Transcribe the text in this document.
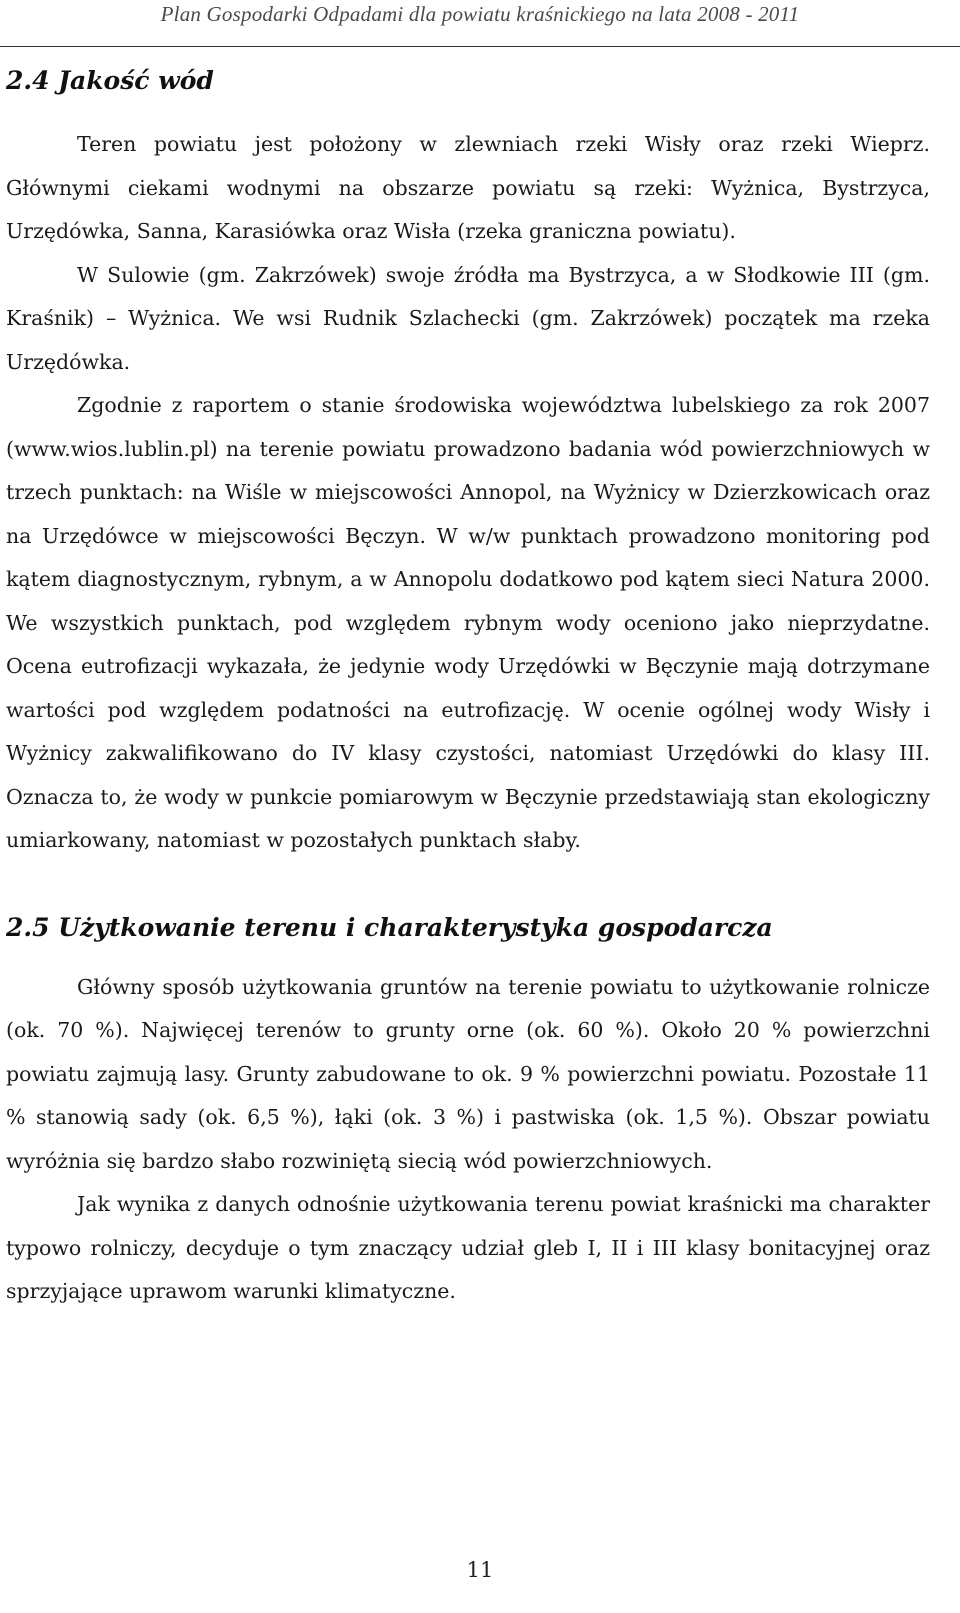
Plan Gospodarki Odpadami dla powiatu kraśnickiego na lata 2008 - 2011
2.4 Jakość wód

Teren powiatu jest położony w zlewniach rzeki Wisły oraz rzeki Wieprz. Głównymi ciekami wodnymi na obszarze powiatu są rzeki: Wyżnica, Bystrzyca, Urzędówka, Sanna, Karasiówka oraz Wisła (rzeka graniczna powiatu).

W Sulowie (gm. Zakrzówek) swoje źródła ma Bystrzyca, a w Słodkowie III (gm. Kraśnik) – Wyżnica. We wsi Rudnik Szlachecki (gm. Zakrzówek) początek ma rzeka Urzędówka.

Zgodnie z raportem o stanie środowiska województwa lubelskiego za rok 2007 (www.wios.lublin.pl) na terenie powiatu prowadzono badania wód powierzchniowych w trzech punktach: na Wiśle w miejscowości Annopol, na Wyżnicy w Dzierzkowicach oraz na Urzędówce w miejscowości Bęczyn. W w/w punktach prowadzono monitoring pod kątem diagnostycznym, rybnym, a w Annopolu dodatkowo pod kątem sieci Natura 2000. We wszystkich punktach, pod względem rybnym wody oceniono jako nieprzydatne. Ocena eutrofizacji wykazała, że jedynie wody Urzędówki w Bęczynie mają dotrzymane wartości pod względem podatności na eutrofizację. W ocenie ogólnej wody Wisły i Wyżnicy zakwalifikowano do IV klasy czystości, natomiast Urzędówki do klasy III. Oznacza to, że wody w punkcie pomiarowym w Bęczynie przedstawiają stan ekologiczny umiarkowany, natomiast w pozostałych punktach słaby.

2.5 Użytkowanie terenu i charakterystyka gospodarcza

Główny sposób użytkowania gruntów na terenie powiatu to użytkowanie rolnicze (ok. 70 %). Najwięcej terenów to grunty orne (ok. 60 %). Około 20 % powierzchni powiatu zajmują lasy. Grunty zabudowane to ok. 9 % powierzchni powiatu. Pozostałe 11 % stanowią sady (ok. 6,5 %), łąki (ok. 3 %) i pastwiska (ok. 1,5 %). Obszar powiatu wyróżnia się bardzo słabo rozwiniętą siecią wód powierzchniowych.

Jak wynika z danych odnośnie użytkowania terenu powiat kraśnicki ma charakter typowo rolniczy, decyduje o tym znaczący udział gleb I, II i III klasy bonitacyjnej oraz sprzyjające uprawom warunki klimatyczne.

11
